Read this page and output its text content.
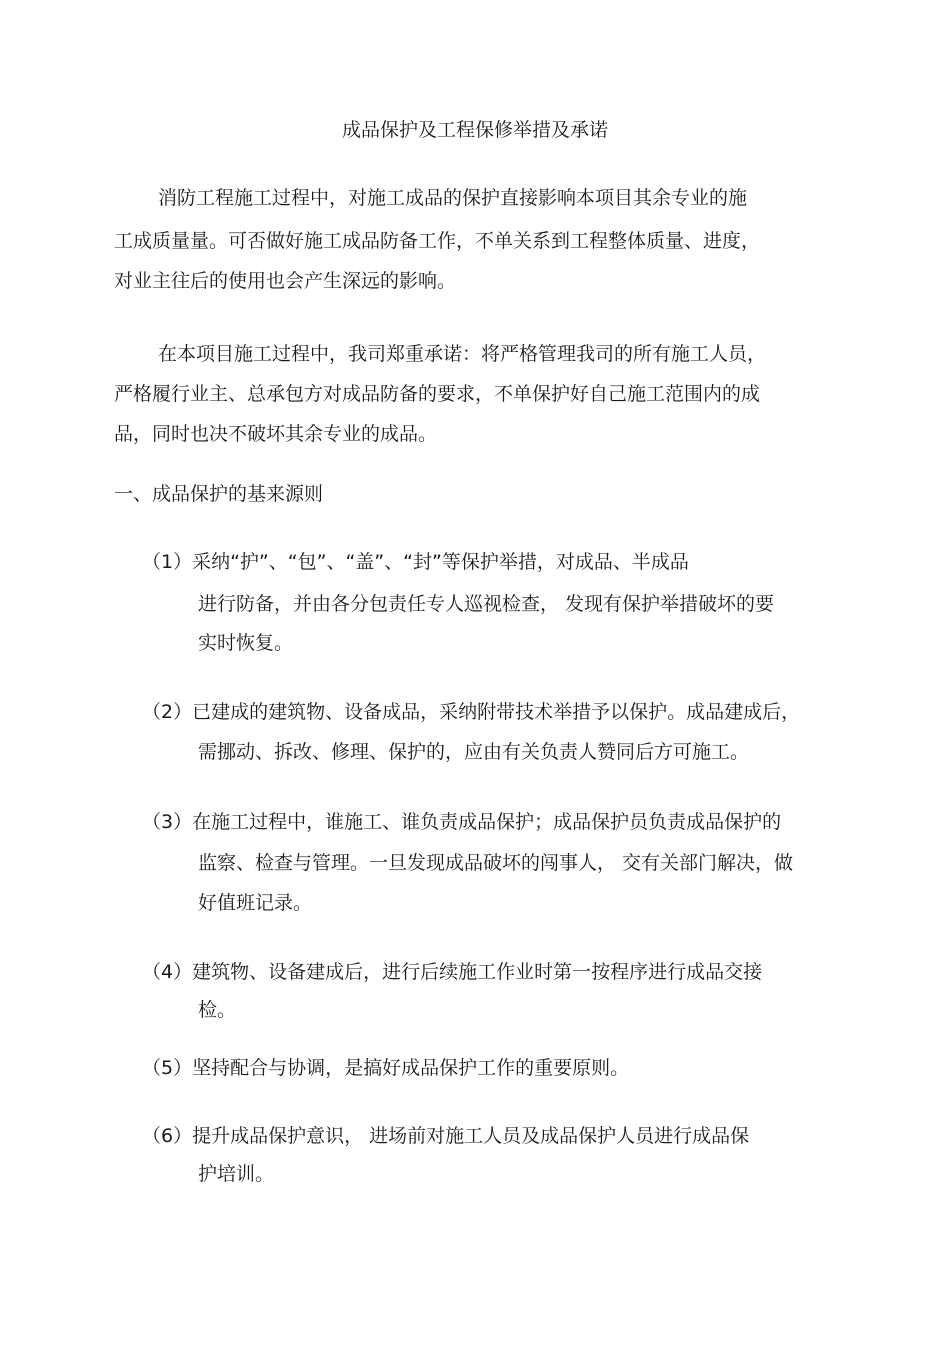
成品保护及工程保修举措及承诺
消防工程施工过程中，对施工成品的保护直接影响本项目其余专业的施
工成质量量。可否做好施工成品防备工作，不单关系到工程整体质量、进度，
对业主往后的使用也会产生深远的影响。
在本项目施工过程中，我司郑重承诺：将严格管理我司的所有施工人员，
严格履行业主、总承包方对成品防备的要求，不单保护好自己施工范围内的成
品，同时也决不破坏其余专业的成品。
一、成品保护的基来源则
（1）采纳“护”、“包”、“盖”、“封”等保护举措，对成品、半成品
进行防备，并由各分包责任专人巡视检查， 发现有保护举措破坏的要
实时恢复。
（2）已建成的建筑物、设备成品，采纳附带技术举措予以保护。成品建成后，
需挪动、拆改、修理、保护的，应由有关负责人赞同后方可施工。
（3）在施工过程中，谁施工、谁负责成品保护；成品保护员负责成品保护的
监察、检查与管理。一旦发现成品破坏的闯事人， 交有关部门解决，做
好值班记录。
（4）建筑物、设备建成后，进行后续施工作业时第一按程序进行成品交接
检。
（5）坚持配合与协调，是搞好成品保护工作的重要原则。
（6）提升成品保护意识， 进场前对施工人员及成品保护人员进行成品保
护培训。
